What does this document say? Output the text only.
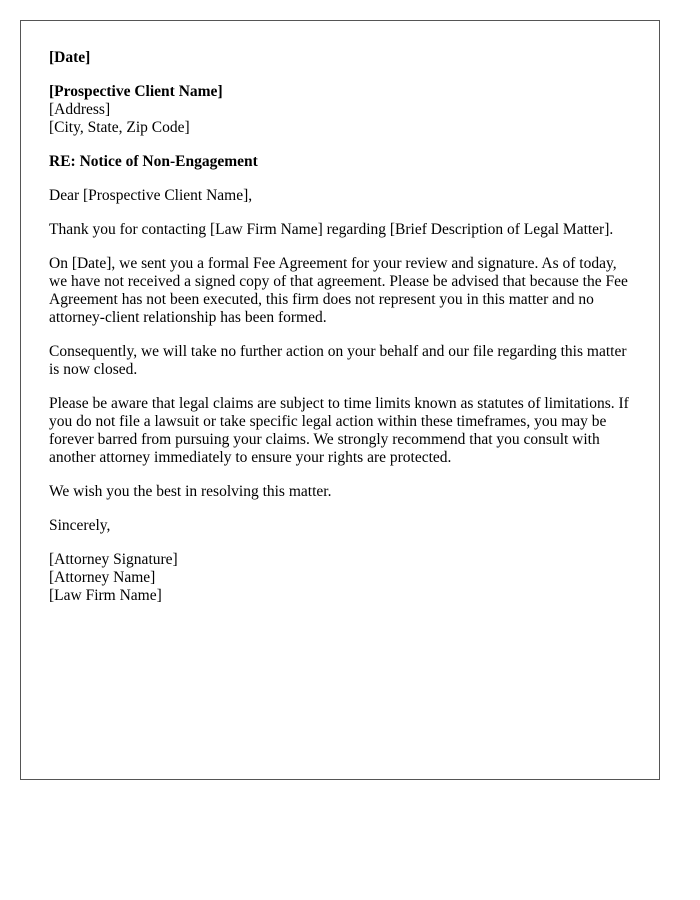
[Date]
[Prospective Client Name]
[Address]
[City, State, Zip Code]
RE: Notice of Non-Engagement

Dear [Prospective Client Name],

Thank you for contacting [Law Firm Name] regarding [Brief Description of Legal Matter].

On [Date], we sent you a formal Fee Agreement for your review and signature. As of today, we have not received a signed copy of that agreement. Please be advised that because the Fee Agreement has not been executed, this firm does not represent you in this matter and no attorney-client relationship has been formed.

Consequently, we will take no further action on your behalf and our file regarding this matter is now closed.

Please be aware that legal claims are subject to time limits known as statutes of limitations. If you do not file a lawsuit or take specific legal action within these timeframes, you may be forever barred from pursuing your claims. We strongly recommend that you consult with another attorney immediately to ensure your rights are protected.

We wish you the best in resolving this matter.

Sincerely,

[Attorney Signature]
[Attorney Name]
[Law Firm Name]
